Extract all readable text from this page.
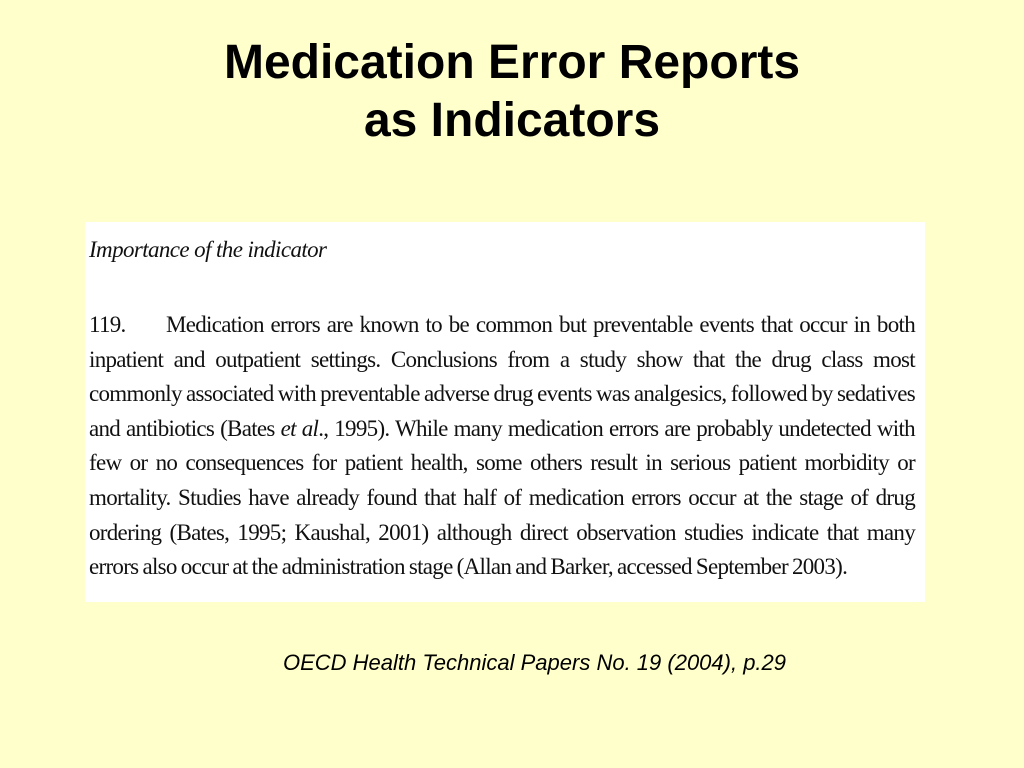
Medication Error Reports
as Indicators
Importance of the indicator

119. Medication errors are known to be common but preventable events that occur in both inpatient and outpatient settings. Conclusions from a study show that the drug class most commonly associated with preventable adverse drug events was analgesics, followed by sedatives and antibiotics (Bates et al., 1995). While many medication errors are probably undetected with few or no consequences for patient health, some others result in serious patient morbidity or mortality. Studies have already found that half of medication errors occur at the stage of drug ordering (Bates, 1995; Kaushal, 2001) although direct observation studies indicate that many errors also occur at the administration stage (Allan and Barker, accessed September 2003).

OECD Health Technical Papers No. 19 (2004), p.29
